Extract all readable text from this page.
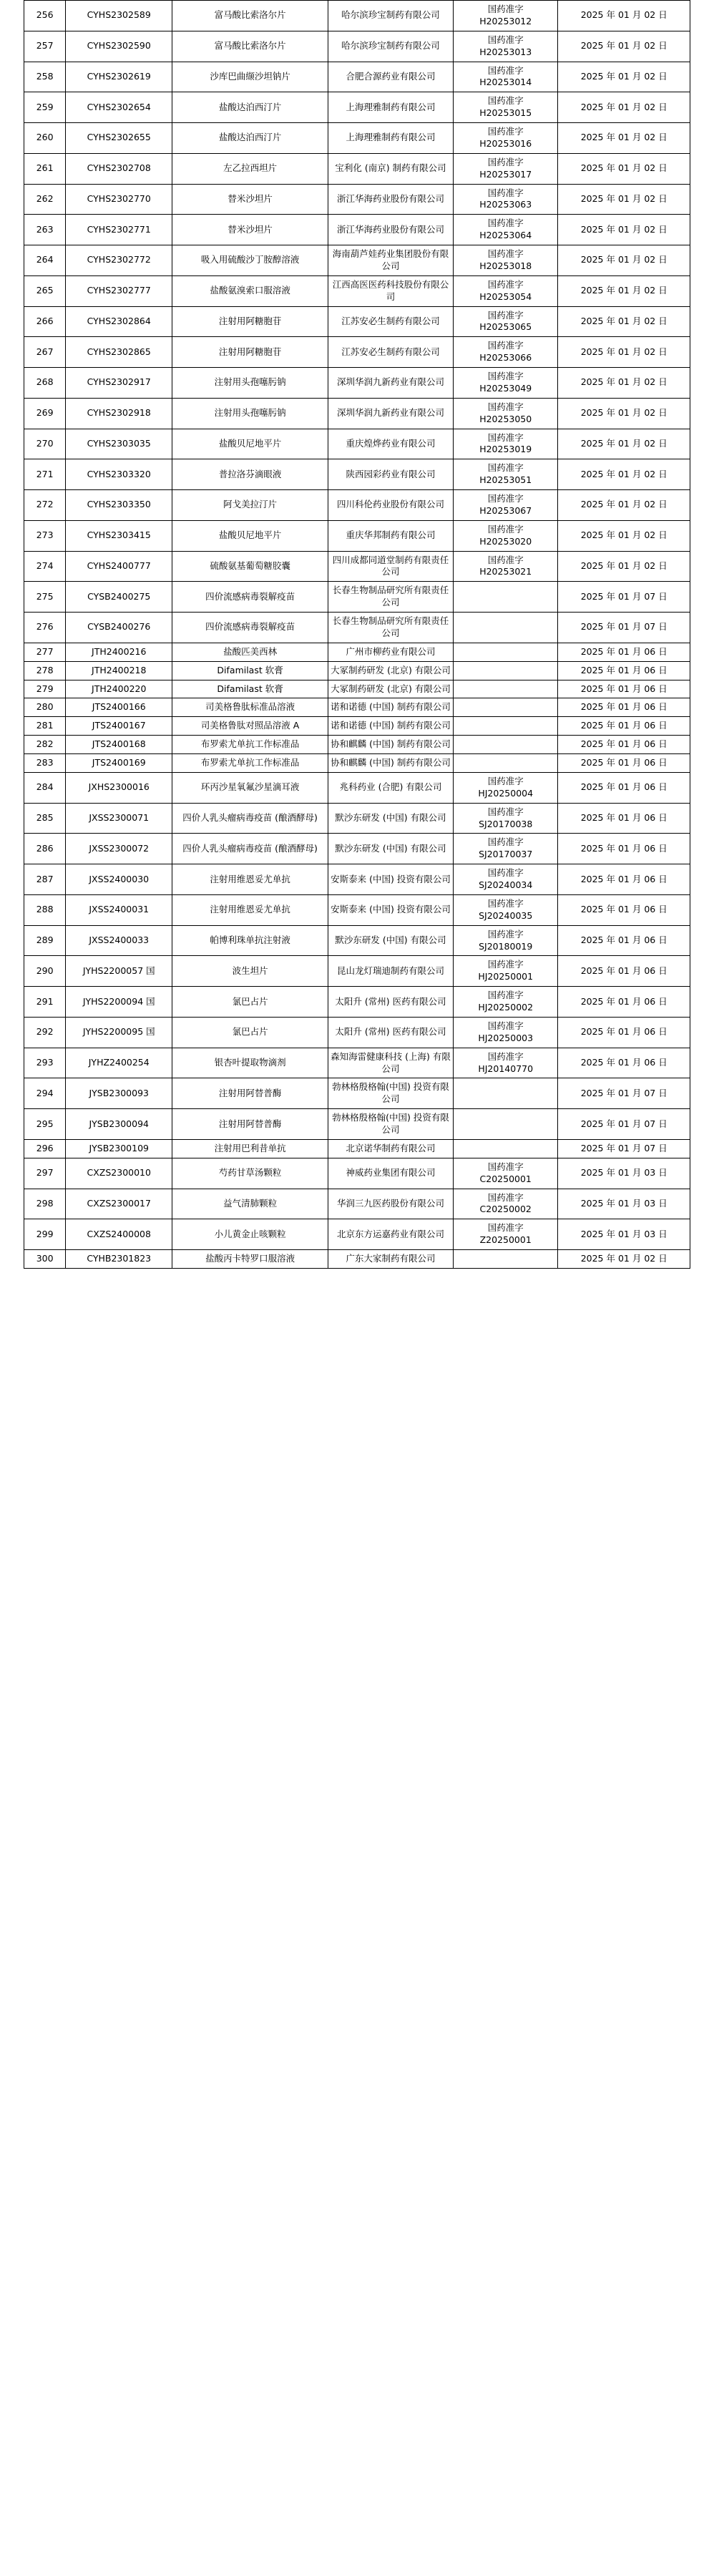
256	CYHS2302589	富马酸比索洛尔片	哈尔滨珍宝制药有限公司	国药准字
H20253012	2025 年 01 月 02 日
257	CYHS2302590	富马酸比索洛尔片	哈尔滨珍宝制药有限公司	国药准字
H20253013	2025 年 01 月 02 日
258	CYHS2302619	沙库巴曲缬沙坦钠片	合肥合源药业有限公司	国药准字
H20253014	2025 年 01 月 02 日
259	CYHS2302654	盐酸达泊西汀片	上海理雅制药有限公司	国药准字
H20253015	2025 年 01 月 02 日
260	CYHS2302655	盐酸达泊西汀片	上海理雅制药有限公司	国药准字
H20253016	2025 年 01 月 02 日
261	CYHS2302708	左乙拉西坦片	宝利化 (南京) 制药有限公司	国药准字
H20253017	2025 年 01 月 02 日
262	CYHS2302770	替米沙坦片	浙江华海药业股份有限公司	国药准字
H20253063	2025 年 01 月 02 日
263	CYHS2302771	替米沙坦片	浙江华海药业股份有限公司	国药准字
H20253064	2025 年 01 月 02 日
264	CYHS2302772	吸入用硫酸沙丁胺醇溶液	海南葫芦娃药业集团股份有限公司	国药准字
H20253018	2025 年 01 月 02 日
265	CYHS2302777	盐酸氨溴索口服溶液	江西高医医药科技股份有限公司	国药准字
H20253054	2025 年 01 月 02 日
266	CYHS2302864	注射用阿糖胞苷	江苏安必生制药有限公司	国药准字
H20253065	2025 年 01 月 02 日
267	CYHS2302865	注射用阿糖胞苷	江苏安必生制药有限公司	国药准字
H20253066	2025 年 01 月 02 日
268	CYHS2302917	注射用头孢噻肟钠	深圳华润九新药业有限公司	国药准字
H20253049	2025 年 01 月 02 日
269	CYHS2302918	注射用头孢噻肟钠	深圳华润九新药业有限公司	国药准字
H20253050	2025 年 01 月 02 日
270	CYHS2303035	盐酸贝尼地平片	重庆煌烨药业有限公司	国药准字
H20253019	2025 年 01 月 02 日
271	CYHS2303320	普拉洛芬滴眼液	陕西园彩药业有限公司	国药准字
H20253051	2025 年 01 月 02 日
272	CYHS2303350	阿戈美拉汀片	四川科伦药业股份有限公司	国药准字
H20253067	2025 年 01 月 02 日
273	CYHS2303415	盐酸贝尼地平片	重庆华邦制药有限公司	国药准字
H20253020	2025 年 01 月 02 日
274	CYHS2400777	硫酸氨基葡萄糖胶囊	四川成都同道堂制药有限责任公司	国药准字
H20253021	2025 年 01 月 02 日
275	CYSB2400275	四价流感病毒裂解疫苗	长春生物制品研究所有限责任公司		2025 年 01 月 07 日
276	CYSB2400276	四价流感病毒裂解疫苗	长春生物制品研究所有限责任公司		2025 年 01 月 07 日
277	JTH2400216	盐酸匹美西林	广州市柳药业有限公司		2025 年 01 月 06 日
278	JTH2400218	Difamilast 软膏	大冢制药研发 (北京) 有限公司		2025 年 01 月 06 日
279	JTH2400220	Difamilast 软膏	大冢制药研发 (北京) 有限公司		2025 年 01 月 06 日
280	JTS2400166	司美格鲁肽标准品溶液	诺和诺德 (中国) 制药有限公司		2025 年 01 月 06 日
281	JTS2400167	司美格鲁肽对照品溶液 A	诺和诺德 (中国) 制药有限公司		2025 年 01 月 06 日
282	JTS2400168	布罗索尤单抗工作标准品	协和麒麟 (中国) 制药有限公司		2025 年 01 月 06 日
283	JTS2400169	布罗索尤单抗工作标准品	协和麒麟 (中国) 制药有限公司		2025 年 01 月 06 日
284	JXHS2300016	环丙沙星氧氟沙星滴耳液	兆科药业 (合肥) 有限公司	国药准字
HJ20250004	2025 年 01 月 06 日
285	JXSS2300071	四价人乳头瘤病毒疫苗 (酿酒酵母)	默沙东研发 (中国) 有限公司	国药准字
SJ20170038	2025 年 01 月 06 日
286	JXSS2300072	四价人乳头瘤病毒疫苗 (酿酒酵母)	默沙东研发 (中国) 有限公司	国药准字
SJ20170037	2025 年 01 月 06 日
287	JXSS2400030	注射用维恩妥尤单抗	安斯泰来 (中国) 投资有限公司	国药准字
SJ20240034	2025 年 01 月 06 日
288	JXSS2400031	注射用维恩妥尤单抗	安斯泰来 (中国) 投资有限公司	国药准字
SJ20240035	2025 年 01 月 06 日
289	JXSS2400033	帕博利珠单抗注射液	默沙东研发 (中国) 有限公司	国药准字
SJ20180019	2025 年 01 月 06 日
290	JYHS2200057 国	波生坦片	昆山龙灯瑞迪制药有限公司	国药准字
HJ20250001	2025 年 01 月 06 日
291	JYHS2200094 国	氯巴占片	太阳升 (常州) 医药有限公司	国药准字
HJ20250002	2025 年 01 月 06 日
292	JYHS2200095 国	氯巴占片	太阳升 (常州) 医药有限公司	国药准字
HJ20250003	2025 年 01 月 06 日
293	JYHZ2400254	银杏叶提取物滴剂	森知海雷健康科技 (上海) 有限公司	国药准字
HJ20140770	2025 年 01 月 06 日
294	JYSB2300093	注射用阿替普酶	勃林格殷格翰(中国) 投资有限公司		2025 年 01 月 07 日
295	JYSB2300094	注射用阿替普酶	勃林格殷格翰(中国) 投资有限公司		2025 年 01 月 07 日
296	JYSB2300109	注射用巴利昔单抗	北京诺华制药有限公司		2025 年 01 月 07 日
297	CXZS2300010	芍药甘草汤颗粒	神威药业集团有限公司	国药准字
C20250001	2025 年 01 月 03 日
298	CXZS2300017	益气清肺颗粒	华润三九医药股份有限公司	国药准字
C20250002	2025 年 01 月 03 日
299	CXZS2400008	小儿黄金止咳颗粒	北京东方运嘉药业有限公司	国药准字
Z20250001	2025 年 01 月 03 日
300	CYHB2301823	盐酸丙卡特罗口服溶液	广东大家制药有限公司		2025 年 01 月 02 日
